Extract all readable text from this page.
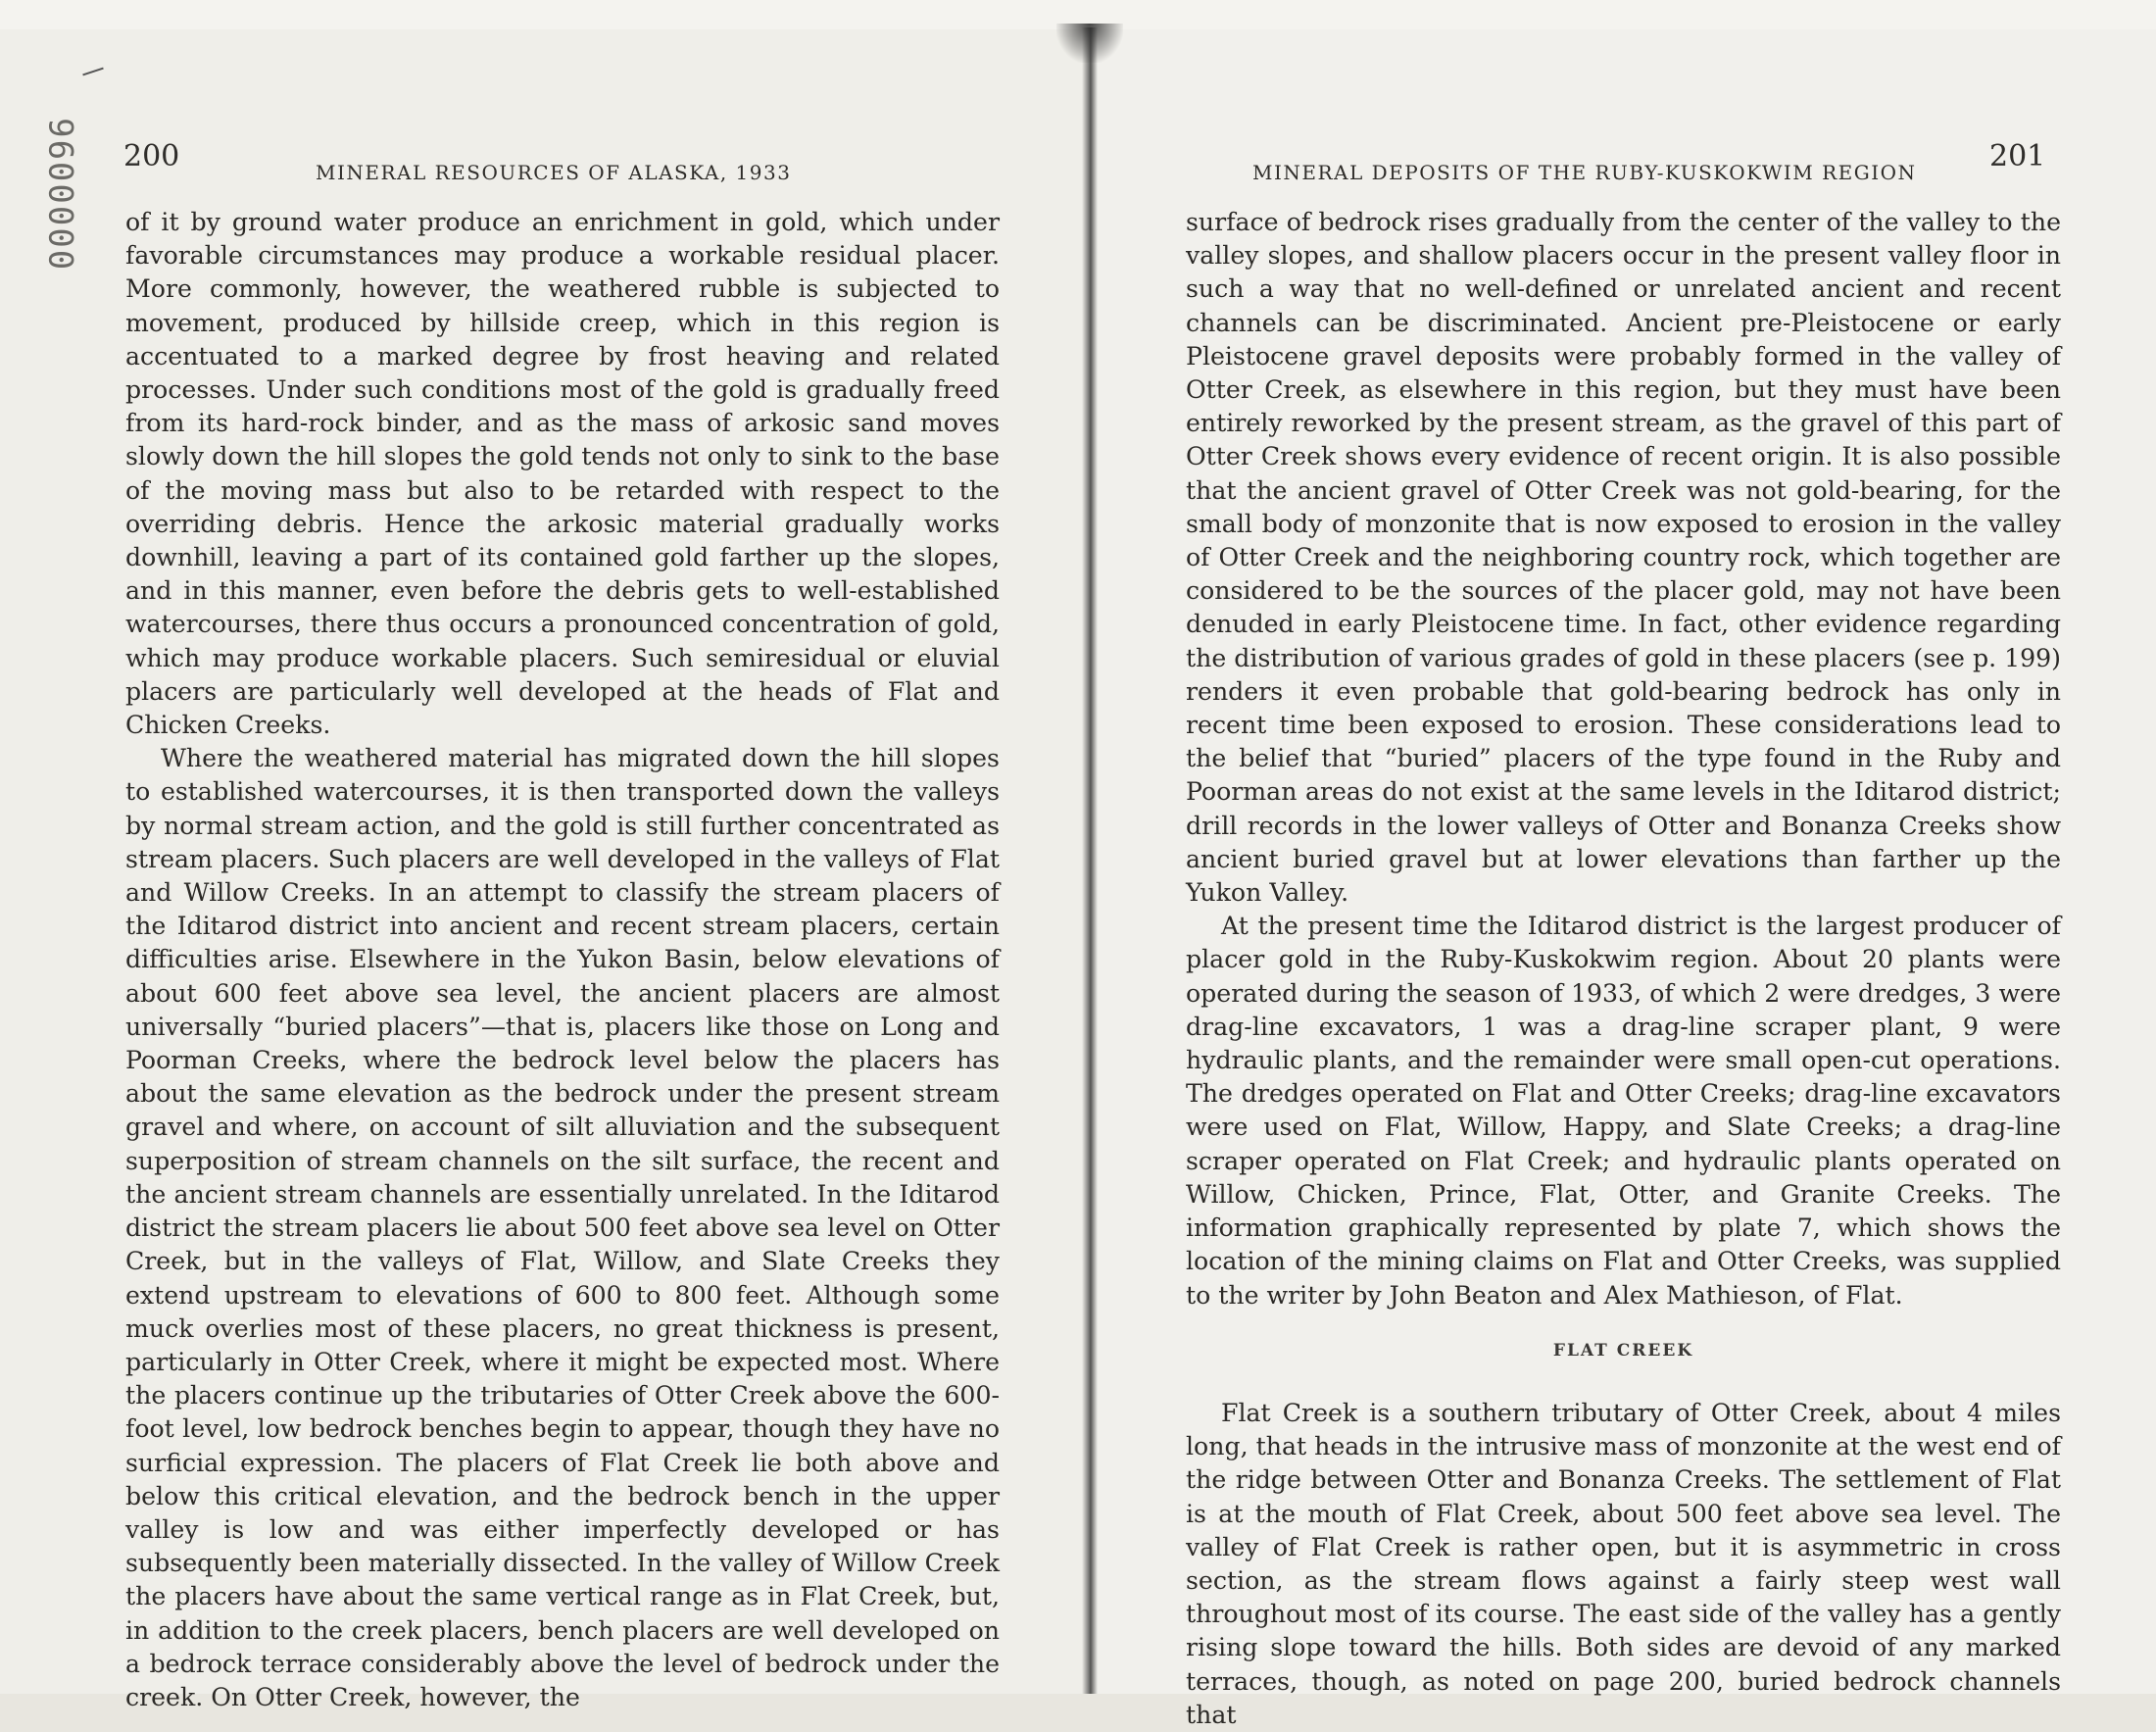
200	MINERAL RESOURCES OF ALASKA, 1933

of it by ground water produce an enrichment in gold, which under favorable circumstances may produce a workable residual placer. More commonly, however, the weathered rubble is subjected to movement, produced by hillside creep, which in this region is accentuated to a marked degree by frost heaving and related processes. Under such conditions most of the gold is gradually freed from its hard-rock binder, and as the mass of arkosic sand moves slowly down the hill slopes the gold tends not only to sink to the base of the moving mass but also to be retarded with respect to the overriding debris. Hence the arkosic material gradually works downhill, leaving a part of its contained gold farther up the slopes, and in this manner, even before the debris gets to well-established watercourses, there thus occurs a pronounced concentration of gold, which may produce workable placers. Such semiresidual or eluvial placers are particularly well developed at the heads of Flat and Chicken Creeks.

Where the weathered material has migrated down the hill slopes to established watercourses, it is then transported down the valleys by normal stream action, and the gold is still further concentrated as stream placers. Such placers are well developed in the valleys of Flat and Willow Creeks. In an attempt to classify the stream placers of the Iditarod district into ancient and recent stream placers, certain difficulties arise. Elsewhere in the Yukon Basin, below elevations of about 600 feet above sea level, the ancient placers are almost universally “buried placers”—that is, placers like those on Long and Poorman Creeks, where the bedrock level below the placers has about the same elevation as the bedrock under the present stream gravel and where, on account of silt alluviation and the subsequent superposition of stream channels on the silt surface, the recent and the ancient stream channels are essentially unrelated. In the Iditarod district the stream placers lie about 500 feet above sea level on Otter Creek, but in the valleys of Flat, Willow, and Slate Creeks they extend upstream to elevations of 600 to 800 feet. Although some muck overlies most of these placers, no great thickness is present, particularly in Otter Creek, where it might be expected most. Where the placers continue up the tributaries of Otter Creek above the 600-foot level, low bedrock benches begin to appear, though they have no surficial expression. The placers of Flat Creek lie both above and below this critical elevation, and the bedrock bench in the upper valley is low and was either imperfectly developed or has subsequently been materially dissected. In the valley of Willow Creek the placers have about the same vertical range as in Flat Creek, but, in addition to the creek placers, bench placers are well developed on a bedrock terrace considerably above the level of bedrock under the creek. On Otter Creek, however, the

MINERAL DEPOSITS OF THE RUBY-KUSKOKWIM REGION 201

surface of bedrock rises gradually from the center of the valley to the valley slopes, and shallow placers occur in the present valley floor in such a way that no well-defined or unrelated ancient and recent channels can be discriminated. Ancient pre-Pleistocene or early Pleistocene gravel deposits were probably formed in the valley of Otter Creek, as elsewhere in this region, but they must have been entirely reworked by the present stream, as the gravel of this part of Otter Creek shows every evidence of recent origin. It is also possible that the ancient gravel of Otter Creek was not gold-bearing, for the small body of monzonite that is now exposed to erosion in the valley of Otter Creek and the neighboring country rock, which together are considered to be the sources of the placer gold, may not have been denuded in early Pleistocene time. In fact, other evidence regarding the distribution of various grades of gold in these placers (see p. 199) renders it even probable that gold-bearing bedrock has only in recent time been exposed to erosion. These considerations lead to the belief that “buried” placers of the type found in the Ruby and Poorman areas do not exist at the same levels in the Iditarod district; drill records in the lower valleys of Otter and Bonanza Creeks show ancient buried gravel but at lower elevations than farther up the Yukon Valley.

At the present time the Iditarod district is the largest producer of placer gold in the Ruby-Kuskokwim region. About 20 plants were operated during the season of 1933, of which 2 were dredges, 3 were drag-line excavators, 1 was a drag-line scraper plant, 9 were hydraulic plants, and the remainder were small open-cut operations. The dredges operated on Flat and Otter Creeks; drag-line excavators were used on Flat, Willow, Happy, and Slate Creeks; a drag-line scraper operated on Flat Creek; and hydraulic plants operated on Willow, Chicken, Prince, Flat, Otter, and Granite Creeks. The information graphically represented by plate 7, which shows the location of the mining claims on Flat and Otter Creeks, was supplied to the writer by John Beaton and Alex Mathieson, of Flat.

FLAT CREEK

Flat Creek is a southern tributary of Otter Creek, about 4 miles long, that heads in the intrusive mass of monzonite at the west end of the ridge between Otter and Bonanza Creeks. The settlement of Flat is at the mouth of Flat Creek, about 500 feet above sea level. The valley of Flat Creek is rather open, but it is asymmetric in cross section, as the stream flows against a fairly steep west wall throughout most of its course. The east side of the valley has a gently rising slope toward the hills. Both sides are devoid of any marked terraces, though, as noted on page 200, buried bedrock channels that

0000096
